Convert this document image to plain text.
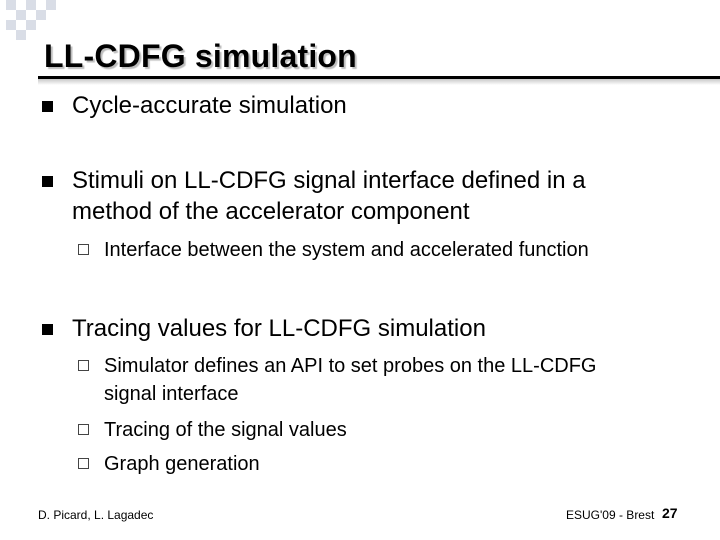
LL-CDFG simulation
Cycle-accurate simulation
Stimuli on LL-CDFG signal interface defined in a
method of the accelerator component
Interface between the system and accelerated function
Tracing values for LL-CDFG simulation
Simulator defines an API to set probes on the LL-CDFG
signal interface
Tracing of the signal values
Graph generation
D. Picard, L. Lagadec	ESUG'09 - Brest 27
